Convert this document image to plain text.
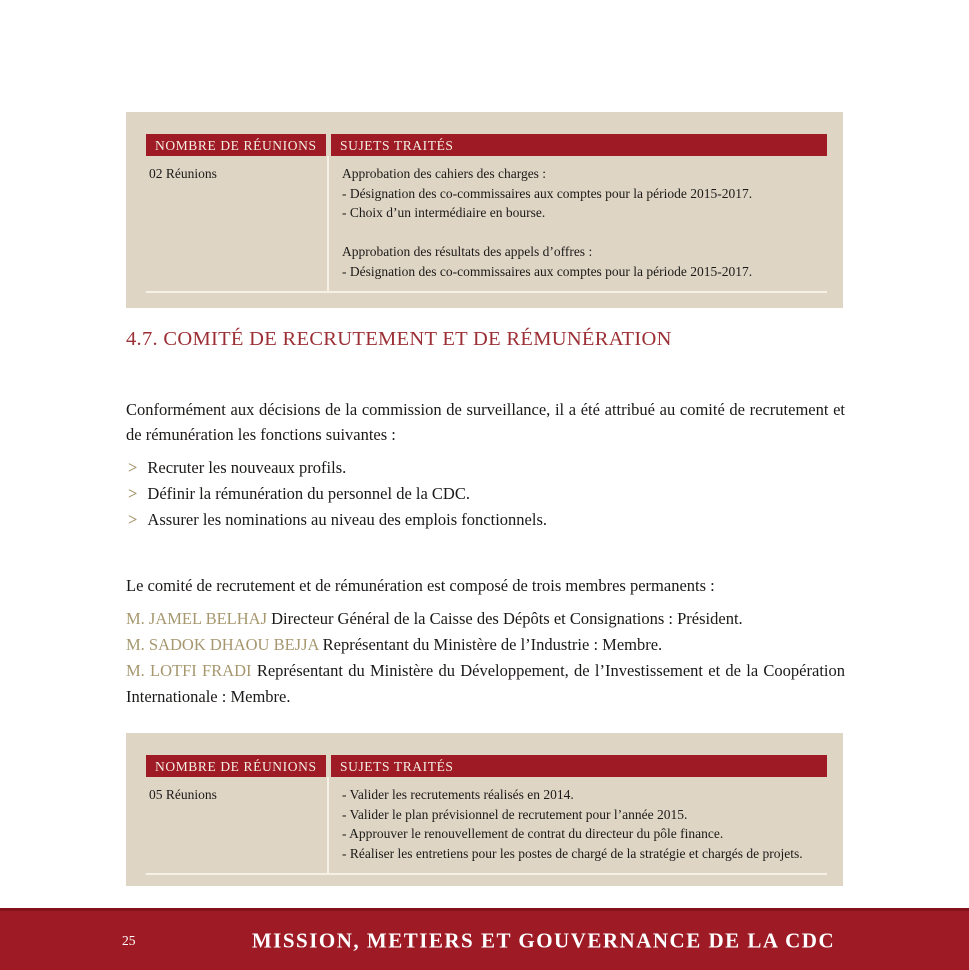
NOMBRE DE RÉUNIONS	SUJETS TRAITÉS
02 Réunions	Approbation des cahiers des charges :
- Désignation des co-commissaires aux comptes pour la période 2015-2017.
- Choix d’un intermédiaire en bourse.
Approbation des résultats des appels d’offres :
- Désignation des co-commissaires aux comptes pour la période 2015-2017.
4.7. COMITÉ DE RECRUTEMENT ET DE RÉMUNÉRATION

Conformément aux décisions de la commission de surveillance, il a été attribué au comité de recrutement et de rémunération les fonctions suivantes :

> Recruter les nouveaux profils.
> Définir la rémunération du personnel de la CDC.
> Assurer les nominations au niveau des emplois fonctionnels.

Le comité de recrutement et de rémunération est composé de trois membres permanents :

M. JAMEL BELHAJ Directeur Général de la Caisse des Dépôts et Consignations : Président.
M. SADOK DHAOU BEJJA Représentant du Ministère de l’Industrie : Membre.
M. LOTFI FRADI Représentant du Ministère du Développement, de l’Investissement et de la Coopération Internationale : Membre.
NOMBRE DE RÉUNIONS	SUJETS TRAITÉS
05 Réunions	- Valider les recrutements réalisés en 2014.
- Valider le plan prévisionnel de recrutement pour l’année 2015.
- Approuver le renouvellement de contrat du directeur du pôle finance.
- Réaliser les entretiens pour les postes de chargé de la stratégie et chargés de projets.
25	MISSION, METIERS ET GOUVERNANCE DE LA CDC
